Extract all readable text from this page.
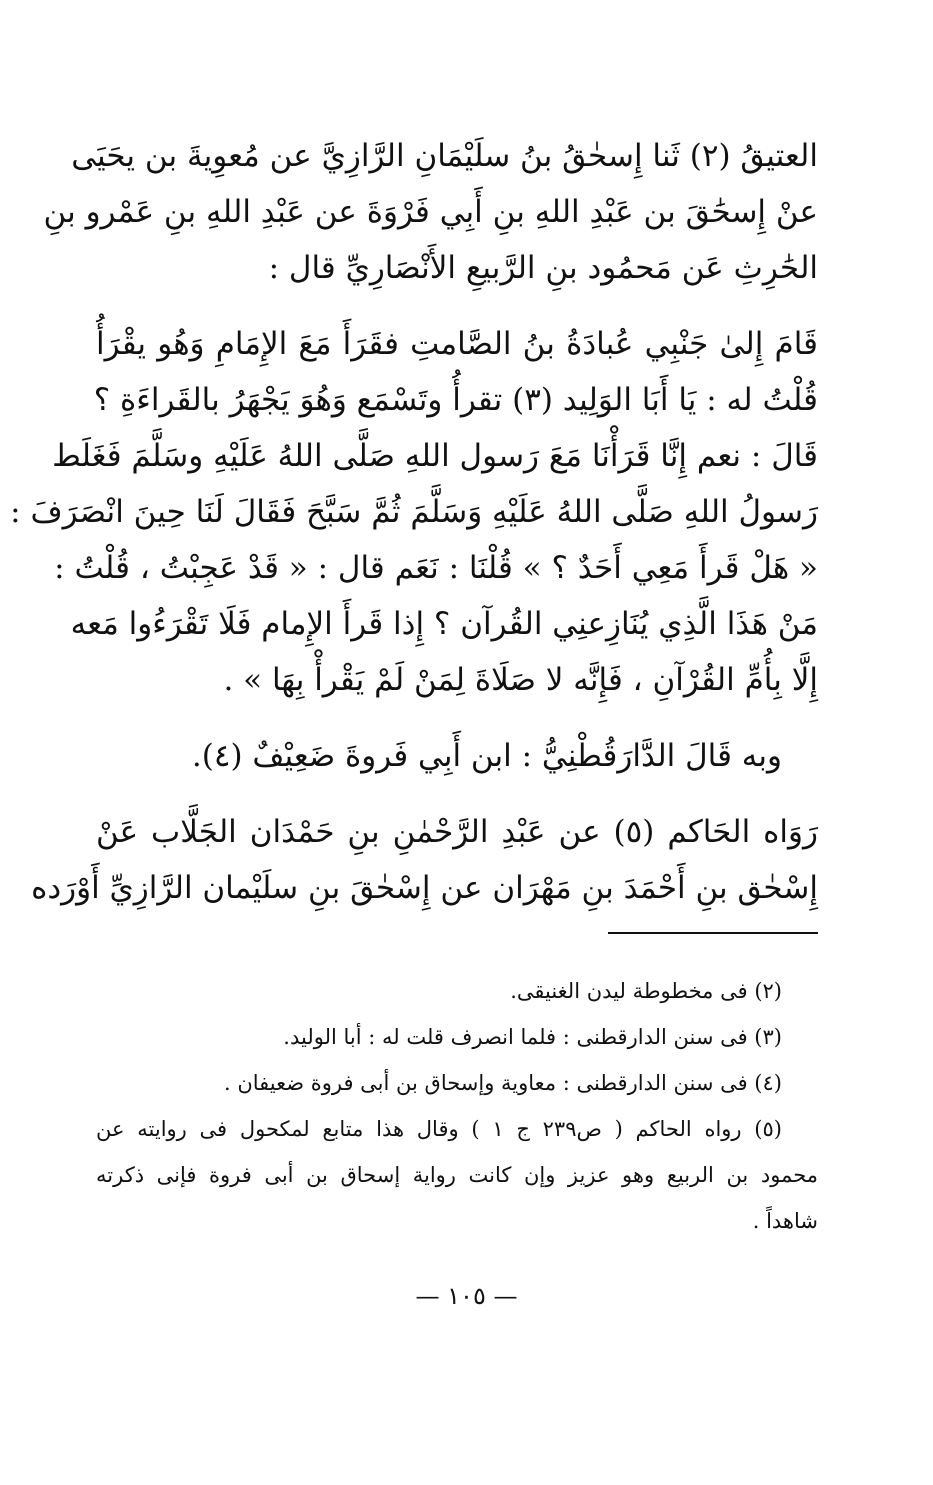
العتيقُ (٢) ثَنا إِسحٰقُ بنُ سلَيْمَانِ الرَّازِيَّ عن مُعوِيةَ بن يحَيَى
عنْ إِسحَٰقَ بن عَبْدِ اللهِ بنِ أَبِي فَرْوَةَ عن عَبْدِ اللهِ بنِ عَمْرو بنِ
الحَٰرِثِ عَن مَحمُود بنِ الرَّبيعِ الأَنْصَارِيِّ قال :
قَامَ إِلىٰ جَنْبِي عُبادَةُ بنُ الصَّامتِ فقَرَأَ مَعَ الإِمَامِ وَهُو يقْرَأُ
قُلْتُ له : يَا أَبَا الوَلِيد (٣) تقرأُ وتَسْمَع وَهُوَ يَجْهَرُ بالقَراءَةِ ؟
قَالَ : نعم إِنَّا قَرَأْنَا مَعَ رَسول اللهِ صَلَّى اللهُ عَلَيْهِ وسَلَّمَ فَغَلَط
رَسولُ اللهِ صَلَّى اللهُ عَلَيْهِ وَسَلَّمَ ثُمَّ سَبَّحَ فَقَالَ لَنَا حِينَ انْصَرَفَ :
« هَلْ قَرأَ مَعِي أَحَدٌ ؟ » قُلْنَا : نَعَم قال : « قَدْ عَجِبْتُ ، قُلْتُ :
مَنْ هَذَا الَّذِي يُنَازِعنِي القُرآن ؟ إِذا قَرأَ الإِمام فَلَا تَقْرَءُوا مَعه
إِلَّا بِأُمِّ القُرْآنِ ، فَإِنَّه لا صَلَاةَ لِمَنْ لَمْ يَقْرأْ بِهَا » .
وبه قَالَ الدَّارَقُطْنِيُّ : ابن أَبِي فَروةَ ضَعِيْفٌ (٤).
رَوَاه الحَاكم (٥) عن عَبْدِ الرَّحْمٰنِ بنِ حَمْدَان الجَلَّاب عَنْ
إِسْحٰق بنِ أَحْمَدَ بنِ مَهْرَان عن إِسْحٰقَ بنِ سلَيْمان الرَّازِيِّ أَوْرَده
(٢) فى مخطوطة ليدن الغنيقى.
(٣) فى سنن الدارقطنى : فلما انصرف قلت له : أبا الوليد.
(٤) فى سنن الدارقطنى : معاوية وإسحاق بن أبى فروة ضعيفان .
(٥) رواه الحاكم ( ص٢٣٩ ج ١ ) وقال هذا متابع لمكحول فى روايته عن
محمود بن الربيع وهو عزيز وإن كانت رواية إسحاق بن أبى فروة فإنى ذكرته
شاهداً .
— ١٠٥ —
